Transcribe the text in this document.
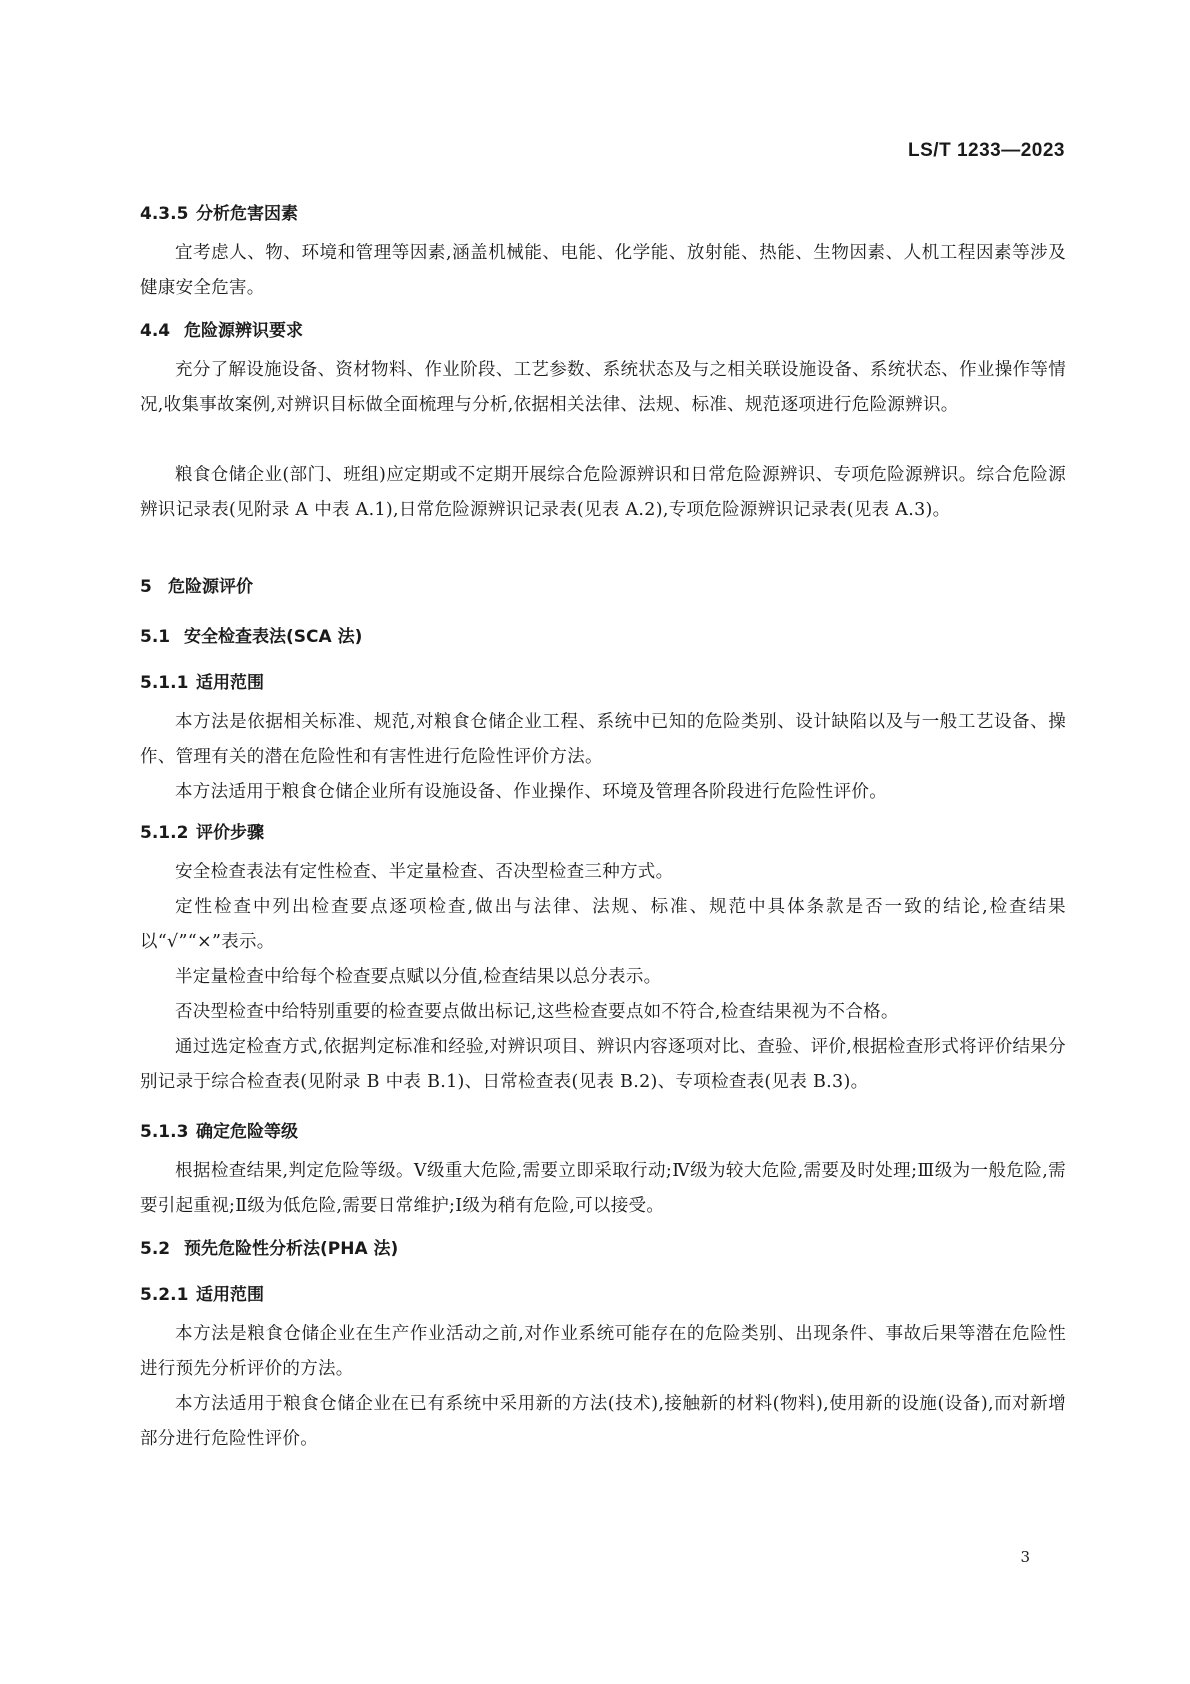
LS/T 1233—2023
4.3.5 分析危害因素
宜考虑人、物、环境和管理等因素,涵盖机械能、电能、化学能、放射能、热能、生物因素、人机工程因素等涉及健康安全危害。
4.4 危险源辨识要求
充分了解设施设备、资材物料、作业阶段、工艺参数、系统状态及与之相关联设施设备、系统状态、作业操作等情况,收集事故案例,对辨识目标做全面梳理与分析,依据相关法律、法规、标准、规范逐项进行危险源辨识。
粮食仓储企业(部门、班组)应定期或不定期开展综合危险源辨识和日常危险源辨识、专项危险源辨识。综合危险源辨识记录表(见附录 A 中表 A.1),日常危险源辨识记录表(见表 A.2),专项危险源辨识记录表(见表 A.3)。
5 危险源评价
5.1 安全检查表法(SCA 法)
5.1.1 适用范围
本方法是依据相关标准、规范,对粮食仓储企业工程、系统中已知的危险类别、设计缺陷以及与一般工艺设备、操作、管理有关的潜在危险性和有害性进行危险性评价方法。
本方法适用于粮食仓储企业所有设施设备、作业操作、环境及管理各阶段进行危险性评价。
5.1.2 评价步骤
安全检查表法有定性检查、半定量检查、否决型检查三种方式。
定性检查中列出检查要点逐项检查,做出与法律、法规、标准、规范中具体条款是否一致的结论,检查结果以“√”“×”表示。
半定量检查中给每个检查要点赋以分值,检查结果以总分表示。
否决型检查中给特别重要的检查要点做出标记,这些检查要点如不符合,检查结果视为不合格。
通过选定检查方式,依据判定标准和经验,对辨识项目、辨识内容逐项对比、查验、评价,根据检查形式将评价结果分别记录于综合检查表(见附录 B 中表 B.1)、日常检查表(见表 B.2)、专项检查表(见表 B.3)。
5.1.3 确定危险等级
根据检查结果,判定危险等级。Ⅴ级重大危险,需要立即采取行动;Ⅳ级为较大危险,需要及时处理;Ⅲ级为一般危险,需要引起重视;Ⅱ级为低危险,需要日常维护;Ⅰ级为稍有危险,可以接受。
5.2 预先危险性分析法(PHA 法)
5.2.1 适用范围
本方法是粮食仓储企业在生产作业活动之前,对作业系统可能存在的危险类别、出现条件、事故后果等潜在危险性进行预先分析评价的方法。
本方法适用于粮食仓储企业在已有系统中采用新的方法(技术),接触新的材料(物料),使用新的设施(设备),而对新增部分进行危险性评价。
3
